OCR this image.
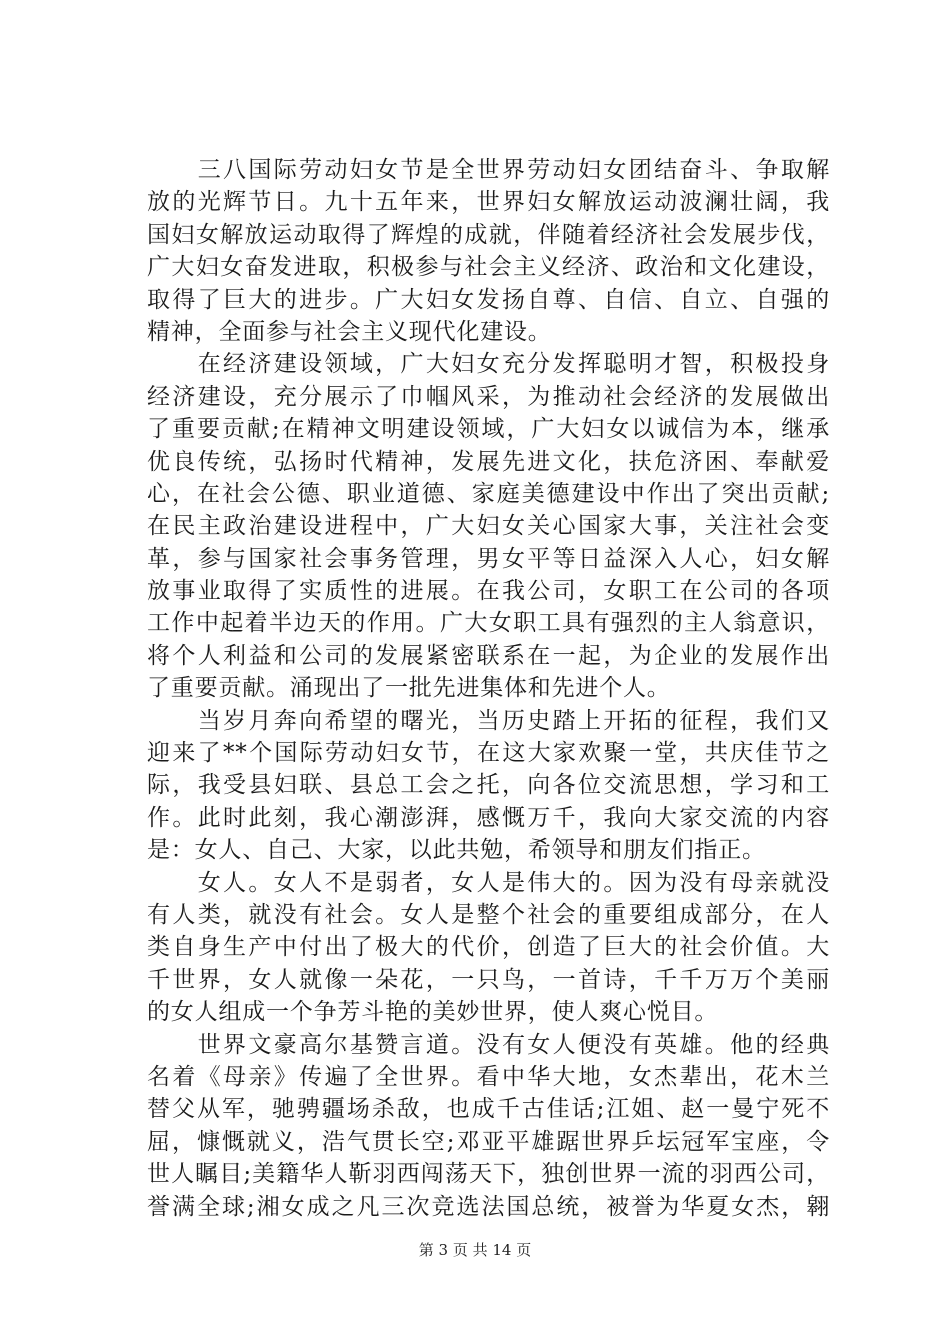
　　三八国际劳动妇女节是全世界劳动妇女团结奋斗、争取解
放的光辉节日。九十五年来，世界妇女解放运动波澜壮阔，我
国妇女解放运动取得了辉煌的成就，伴随着经济社会发展步伐，
广大妇女奋发进取，积极参与社会主义经济、政治和文化建设，
取得了巨大的进步。广大妇女发扬自尊、自信、自立、自强的
精神，全面参与社会主义现代化建设。
　　在经济建设领域，广大妇女充分发挥聪明才智，积极投身
经济建设，充分展示了巾帼风采，为推动社会经济的发展做出
了重要贡献;在精神文明建设领域，广大妇女以诚信为本，继承
优良传统，弘扬时代精神，发展先进文化，扶危济困、奉献爱
心，在社会公德、职业道德、家庭美德建设中作出了突出贡献;
在民主政治建设进程中，广大妇女关心国家大事，关注社会变
革，参与国家社会事务管理，男女平等日益深入人心，妇女解
放事业取得了实质性的进展。在我公司，女职工在公司的各项
工作中起着半边天的作用。广大女职工具有强烈的主人翁意识，
将个人利益和公司的发展紧密联系在一起，为企业的发展作出
了重要贡献。涌现出了一批先进集体和先进个人。
　　当岁月奔向希望的曙光，当历史踏上开拓的征程，我们又
迎来了**个国际劳动妇女节，在这大家欢聚一堂，共庆佳节之
际，我受县妇联、县总工会之托，向各位交流思想，学习和工
作。此时此刻，我心潮澎湃，感慨万千，我向大家交流的内容
是：女人、自己、大家，以此共勉，希领导和朋友们指正。
　　女人。女人不是弱者，女人是伟大的。因为没有母亲就没
有人类，就没有社会。女人是整个社会的重要组成部分，在人
类自身生产中付出了极大的代价，创造了巨大的社会价值。大
千世界，女人就像一朵花，一只鸟，一首诗，千千万万个美丽
的女人组成一个争芳斗艳的美妙世界，使人爽心悦目。
　　世界文豪高尔基赞言道。没有女人便没有英雄。他的经典
名着《母亲》传遍了全世界。看中华大地，女杰辈出，花木兰
替父从军，驰骋疆场杀敌，也成千古佳话;江姐、赵一曼宁死不
屈，慷慨就义，浩气贯长空;邓亚平雄踞世界乒坛冠军宝座，令
世人瞩目;美籍华人靳羽西闯荡天下，独创世界一流的羽西公司，
誉满全球;湘女成之凡三次竞选法国总统，被誉为华夏女杰，翱
第 3 页 共 14 页
